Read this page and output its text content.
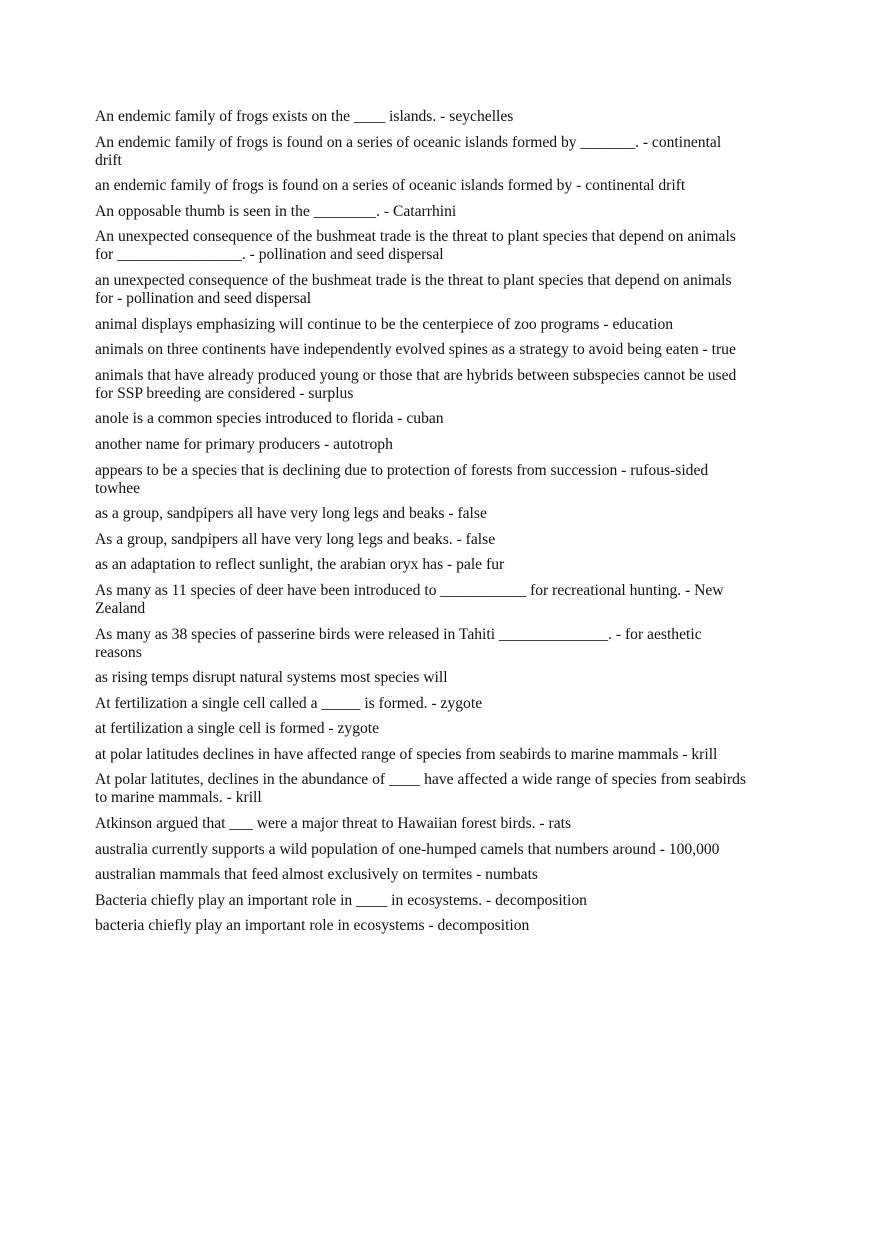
An endemic family of frogs exists on the ____ islands. - seychelles
An endemic family of frogs is found on a series of oceanic islands formed by _______. - continental drift
an endemic family of frogs is found on a series of oceanic islands formed by - continental drift
An opposable thumb is seen in the ________. - Catarrhini
An unexpected consequence of the bushmeat trade is the threat to plant species that depend on animals for ________________. - pollination and seed dispersal
an unexpected consequence of the bushmeat trade is the threat to plant species that depend on animals for - pollination and seed dispersal
animal displays emphasizing will continue to be the centerpiece of zoo programs - education
animals on three continents have independently evolved spines as a strategy to avoid being eaten - true
animals that have already produced young or those that are hybrids between subspecies cannot be used for SSP breeding are considered - surplus
anole is a common species introduced to florida - cuban
another name for primary producers - autotroph
appears to be a species that is declining due to protection of forests from succession - rufous-sided towhee
as a group, sandpipers all have very long legs and beaks - false
As a group, sandpipers all have very long legs and beaks. - false
as an adaptation to reflect sunlight, the arabian oryx has - pale fur
As many as 11 species of deer have been introduced to ___________ for recreational hunting. - New Zealand
As many as 38 species of passerine birds were released in Tahiti ______________. - for aesthetic reasons
as rising temps disrupt natural systems most species will
At fertilization a single cell called a _____ is formed. - zygote
at fertilization a single cell is formed - zygote
at polar latitudes declines in have affected range of species from seabirds to marine mammals - krill
At polar latitutes, declines in the abundance of ____ have affected a wide range of species from seabirds to marine mammals. - krill
Atkinson argued that ___ were a major threat to Hawaiian forest birds. - rats
australia currently supports a wild population of one-humped camels that numbers around - 100,000
australian mammals that feed almost exclusively on termites - numbats
Bacteria chiefly play an important role in ____ in ecosystems. - decomposition
bacteria chiefly play an important role in ecosystems - decomposition
